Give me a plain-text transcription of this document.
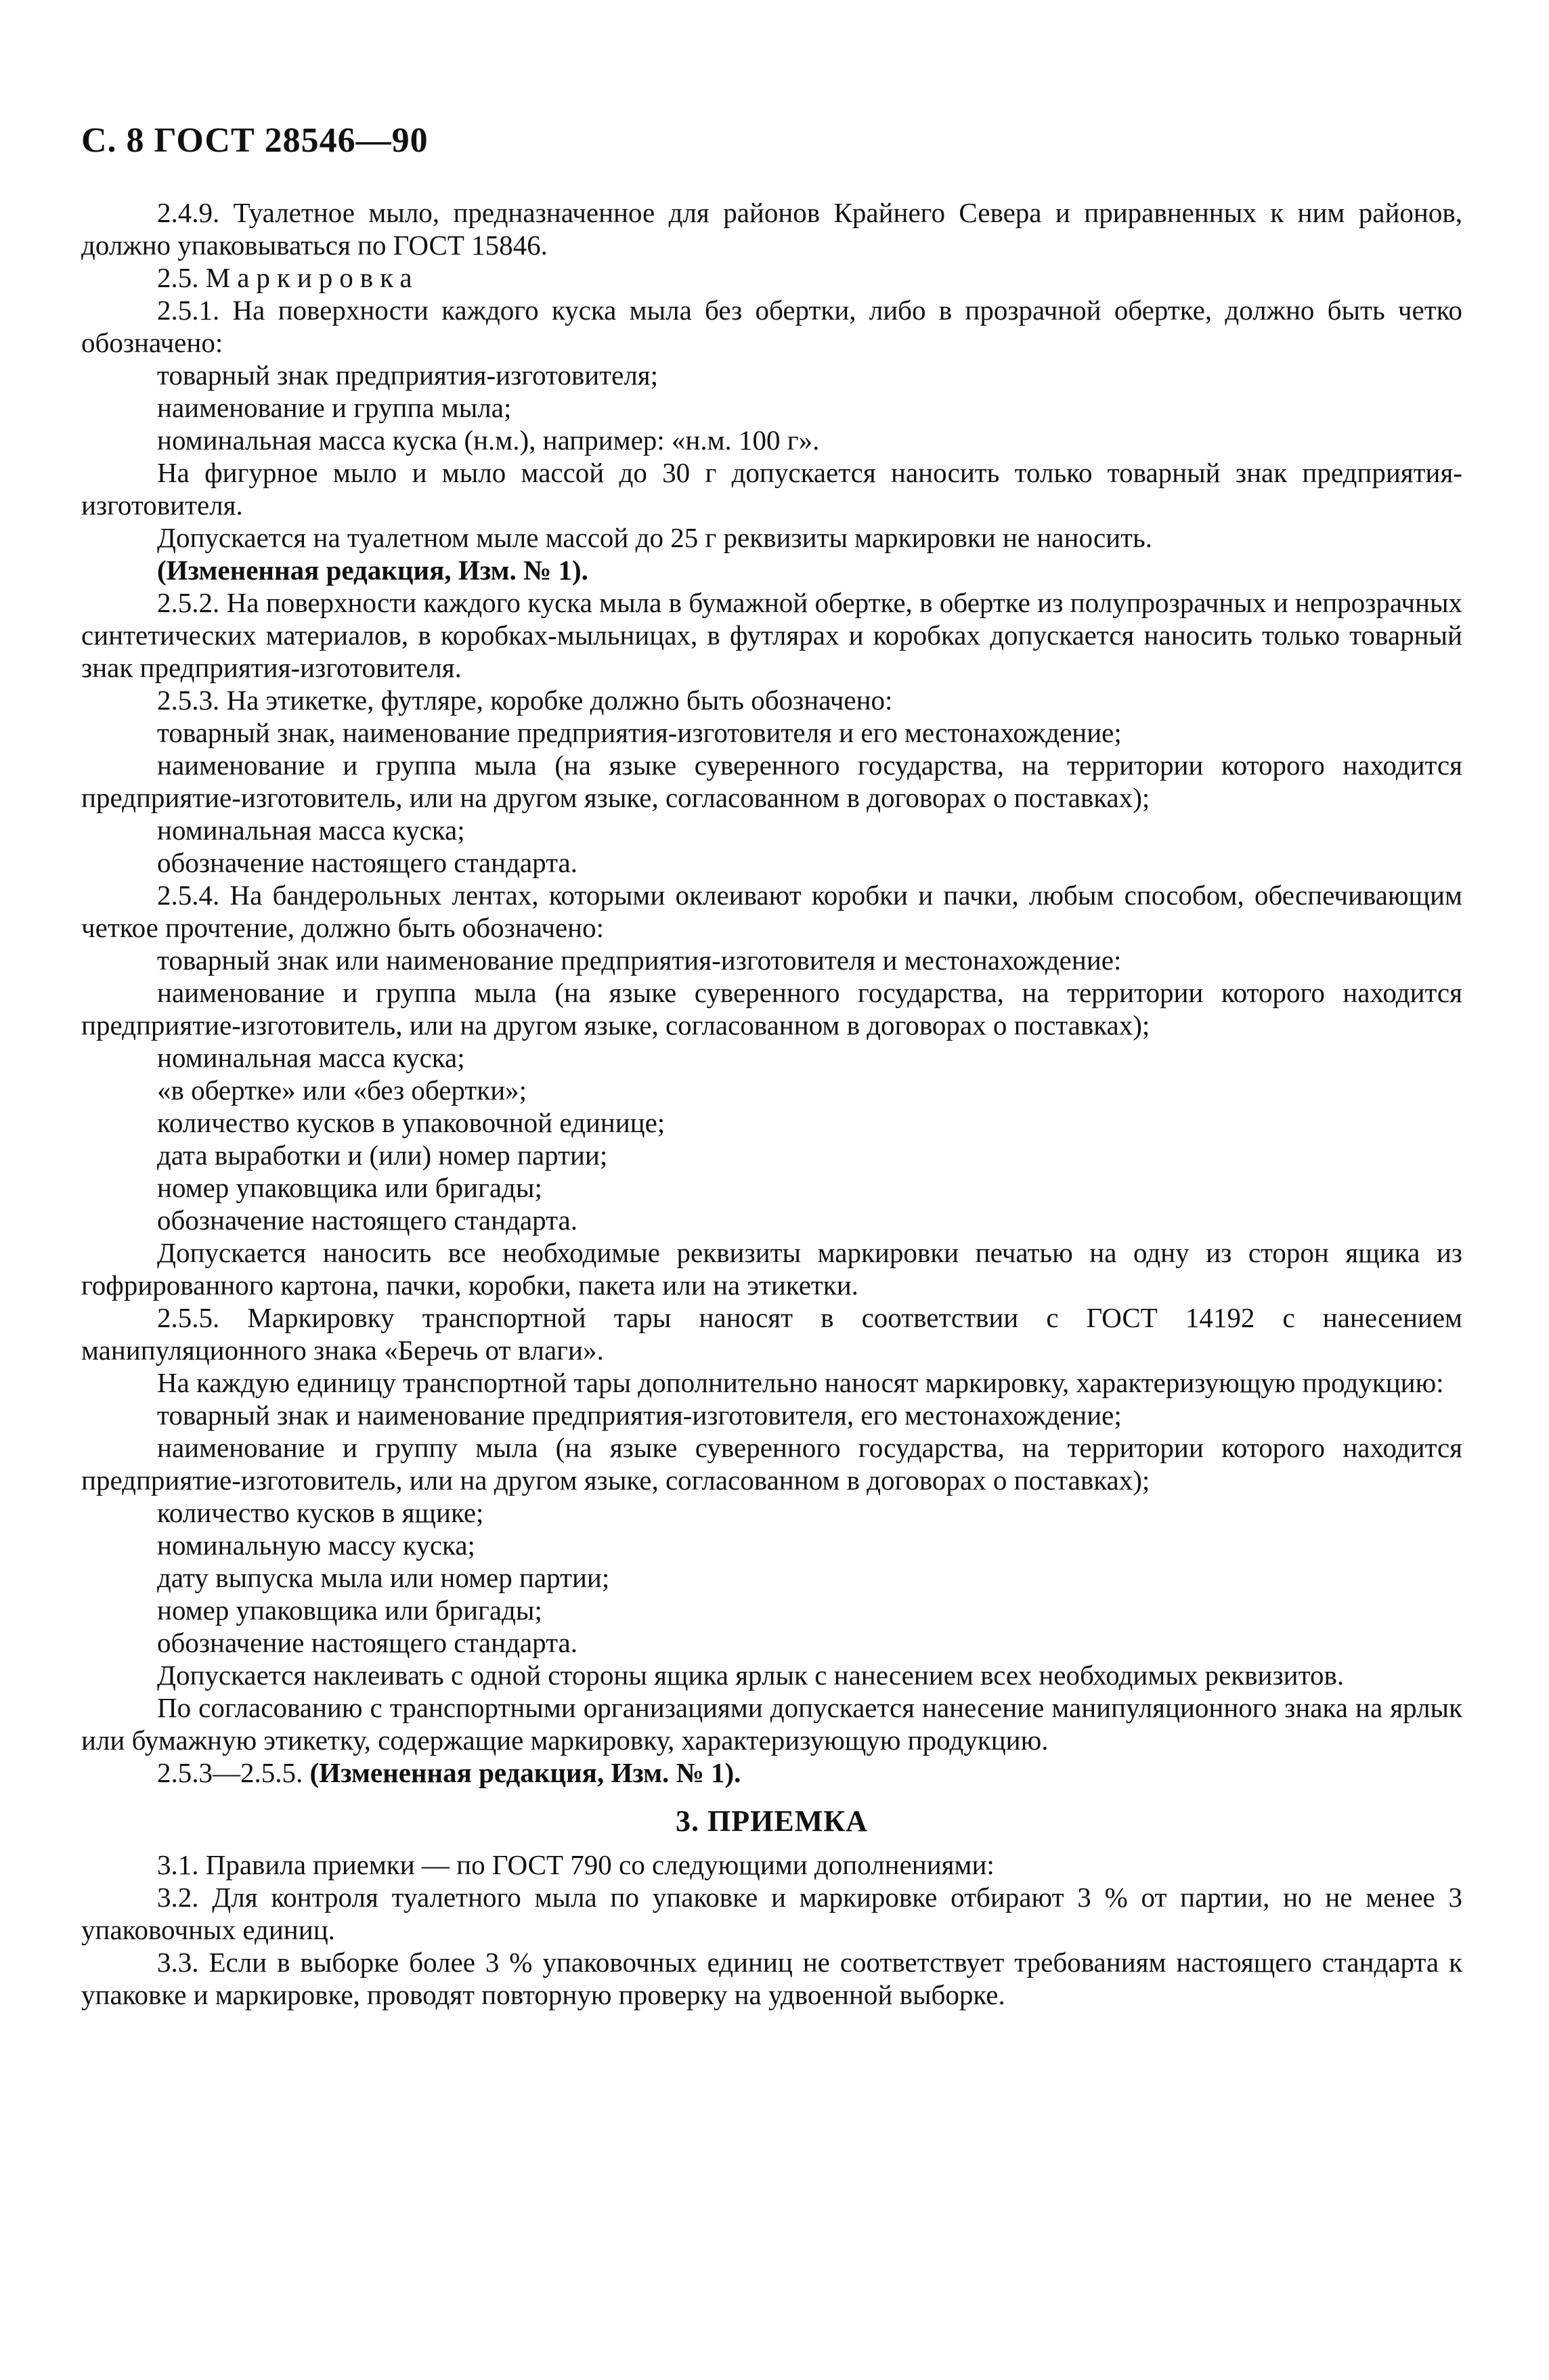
С. 8 ГОСТ 28546—90

2.4.9. Туалетное мыло, предназначенное для районов Крайнего Севера и приравненных к ним районов, должно упаковываться по ГОСТ 15846.

2.5. Маркировка

2.5.1. На поверхности каждого куска мыла без обертки, либо в прозрачной обертке, должно быть четко обозначено:

товарный знак предприятия-изготовителя;

наименование и группа мыла;

номинальная масса куска (н.м.), например: «н.м. 100 г».

На фигурное мыло и мыло массой до 30 г допускается наносить только товарный знак предприятия-изготовителя.

Допускается на туалетном мыле массой до 25 г реквизиты маркировки не наносить.

(Измененная редакция, Изм. № 1).

2.5.2. На поверхности каждого куска мыла в бумажной обертке, в обертке из полупрозрачных и непрозрачных синтетических материалов, в коробках-мыльницах, в футлярах и коробках допускается наносить только товарный знак предприятия-изготовителя.

2.5.3. На этикетке, футляре, коробке должно быть обозначено:

товарный знак, наименование предприятия-изготовителя и его местонахождение;

наименование и группа мыла (на языке суверенного государства, на территории которого находится предприятие-изготовитель, или на другом языке, согласованном в договорах о поставках);

номинальная масса куска;

обозначение настоящего стандарта.

2.5.4. На бандерольных лентах, которыми оклеивают коробки и пачки, любым способом, обеспечивающим четкое прочтение, должно быть обозначено:

товарный знак или наименование предприятия-изготовителя и местонахождение:

наименование и группа мыла (на языке суверенного государства, на территории которого находится предприятие-изготовитель, или на другом языке, согласованном в договорах о поставках);

номинальная масса куска;

«в обертке» или «без обертки»;

количество кусков в упаковочной единице;

дата выработки и (или) номер партии;

номер упаковщика или бригады;

обозначение настоящего стандарта.

Допускается наносить все необходимые реквизиты маркировки печатью на одну из сторон ящика из гофрированного картона, пачки, коробки, пакета или на этикетки.

2.5.5. Маркировку транспортной тары наносят в соответствии с ГОСТ 14192 с нанесением манипуляционного знака «Беречь от влаги».

На каждую единицу транспортной тары дополнительно наносят маркировку, характеризующую продукцию:

товарный знак и наименование предприятия-изготовителя, его местонахождение;

наименование и группу мыла (на языке суверенного государства, на территории которого находится предприятие-изготовитель, или на другом языке, согласованном в договорах о поставках);

количество кусков в ящике;

номинальную массу куска;

дату выпуска мыла или номер партии;

номер упаковщика или бригады;

обозначение настоящего стандарта.

Допускается наклеивать с одной стороны ящика ярлык с нанесением всех необходимых реквизитов.

По согласованию с транспортными организациями допускается нанесение манипуляционного знака на ярлык или бумажную этикетку, содержащие маркировку, характеризующую продукцию.

2.5.3—2.5.5. (Измененная редакция, Изм. № 1).

3. ПРИЕМКА

3.1. Правила приемки — по ГОСТ 790 со следующими дополнениями:

3.2. Для контроля туалетного мыла по упаковке и маркировке отбирают 3 % от партии, но не менее 3 упаковочных единиц.

3.3. Если в выборке более 3 % упаковочных единиц не соответствует требованиям настоящего стандарта к упаковке и маркировке, проводят повторную проверку на удвоенной выборке.
